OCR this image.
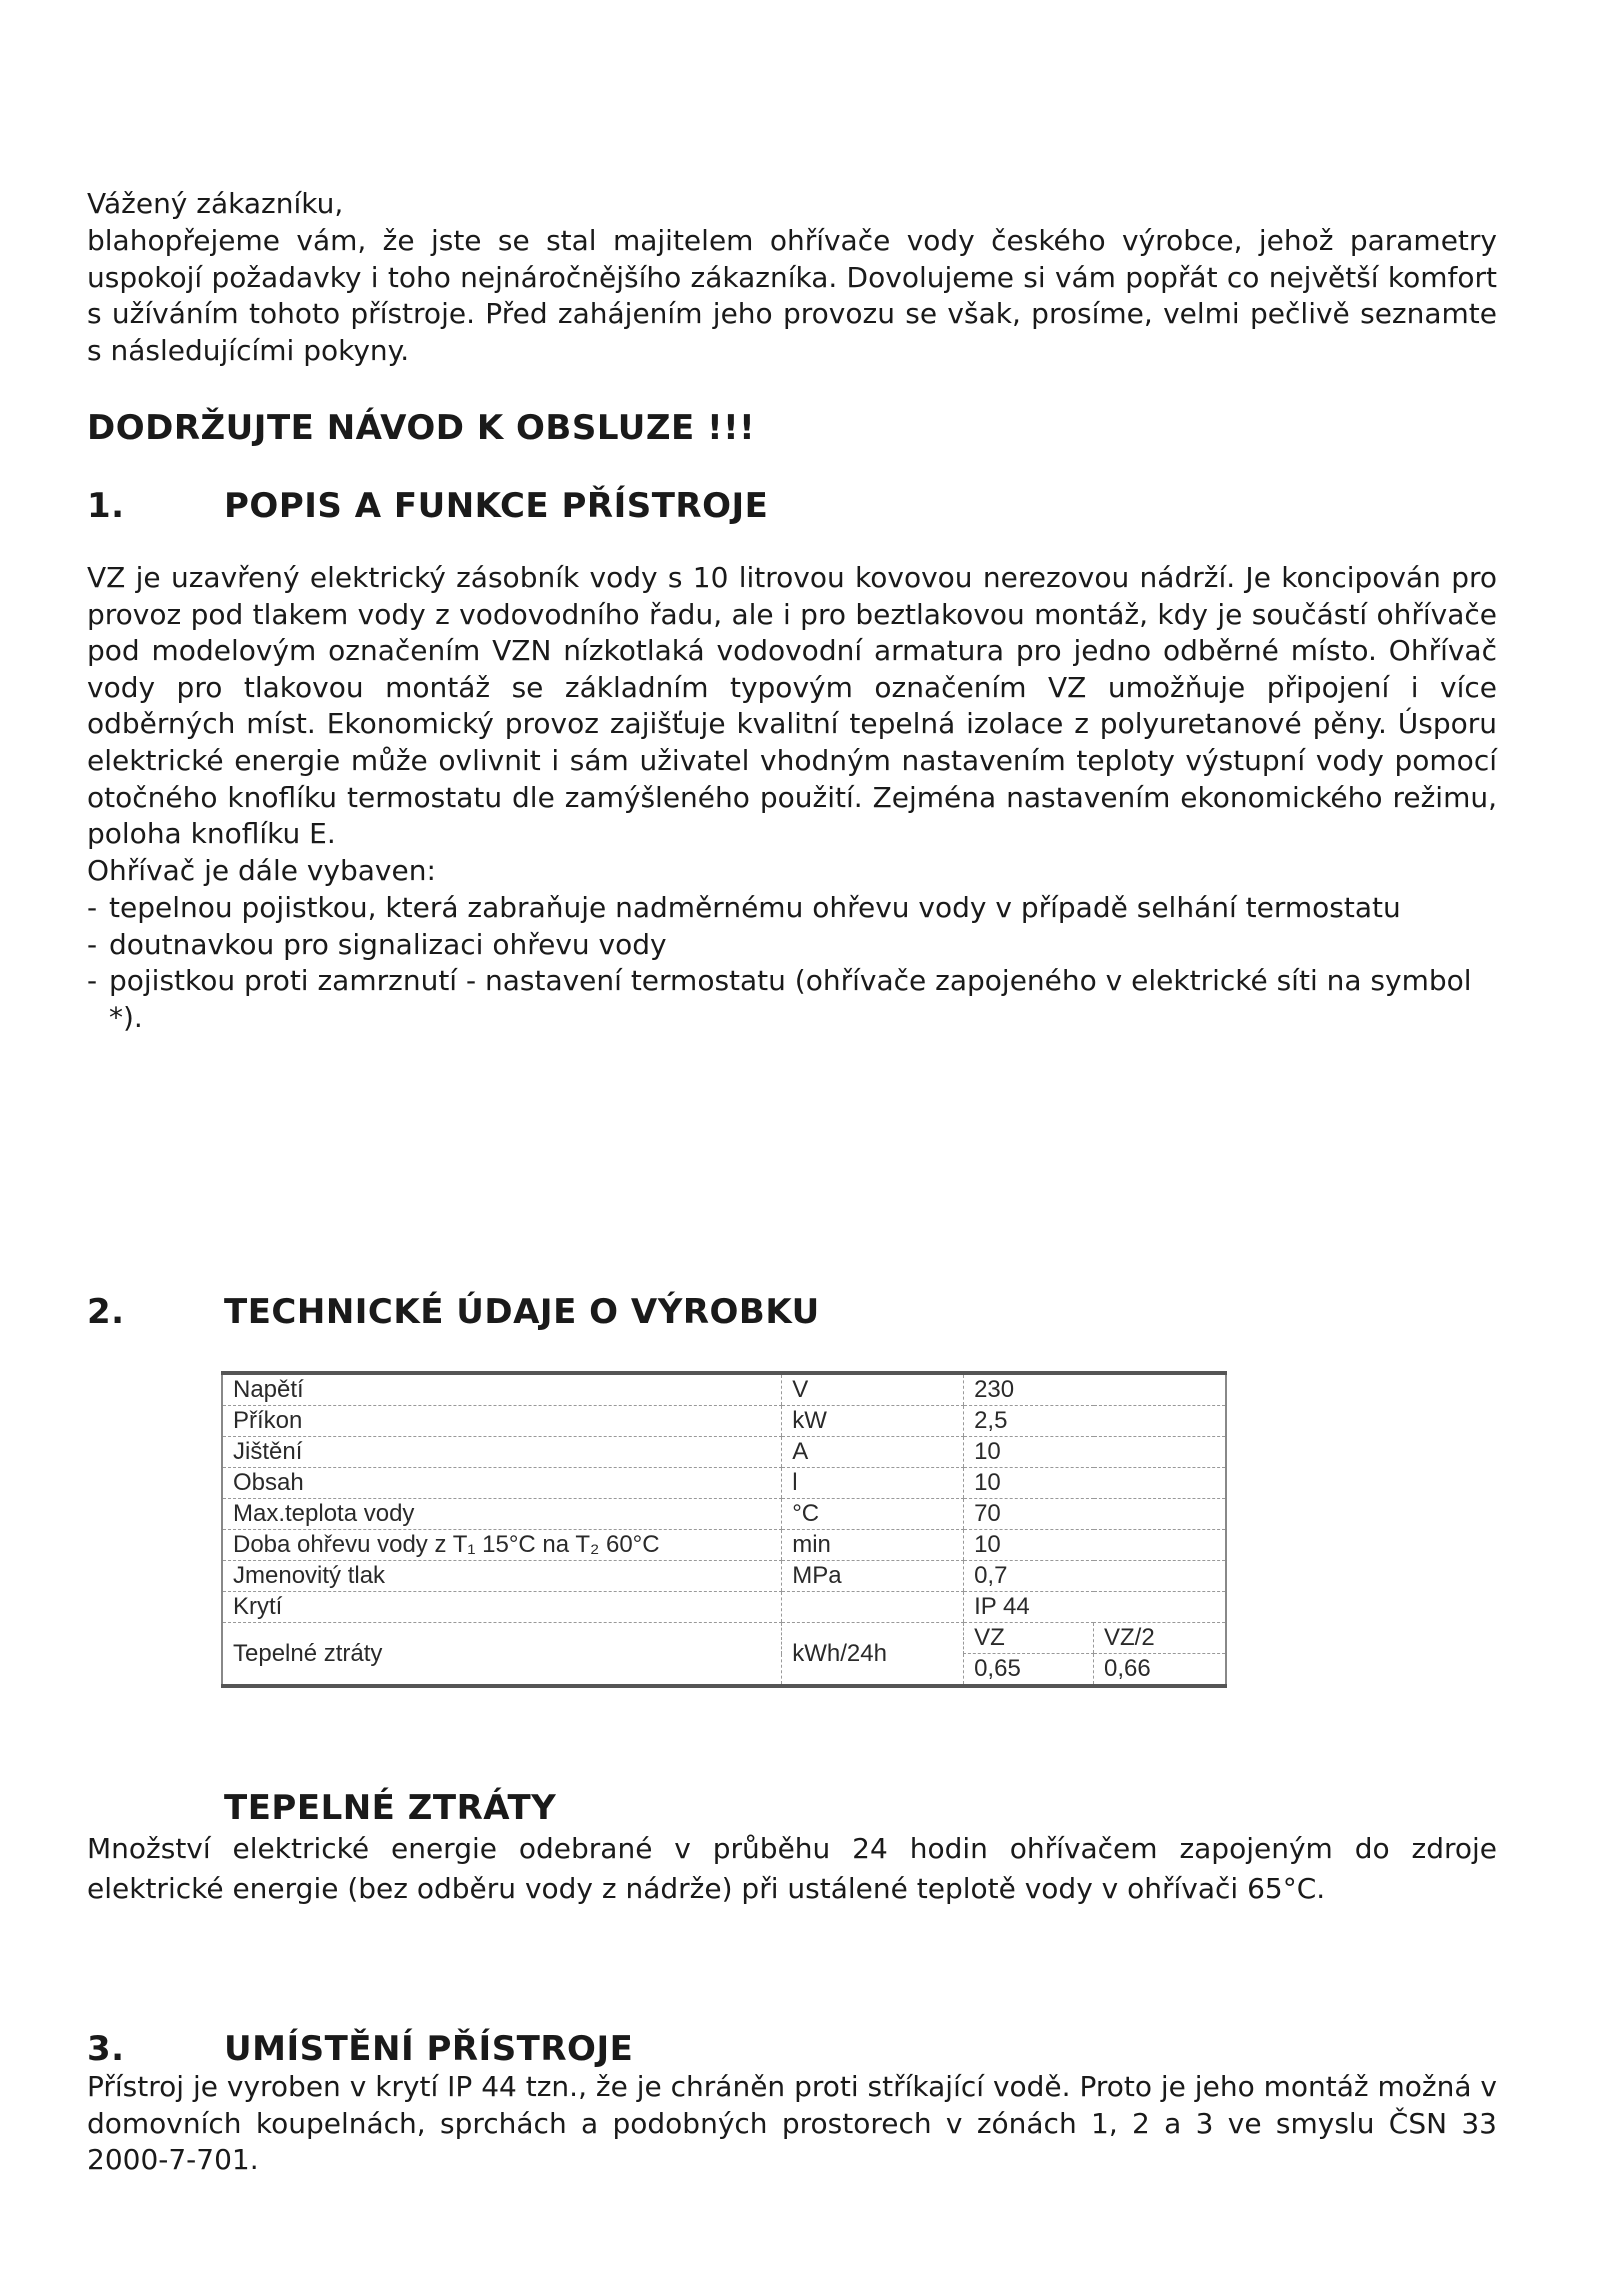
Vážený zákazníku,

blahopřejeme vám, že jste se stal majitelem ohřívače vody českého výrobce, jehož parametry uspokojí požadavky i toho nejnáročnějšího zákazníka. Dovolujeme si vám popřát co největší komfort s užíváním tohoto přístroje. Před zahájením jeho provozu se však, prosíme, velmi pečlivě seznamte s následujícími pokyny.

DODRŽUJTE NÁVOD K OBSLUZE !!!

1.	POPIS A FUNKCE PŘÍSTROJE

VZ je uzavřený elektrický zásobník vody s 10 litrovou kovovou nerezovou nádrží. Je koncipován pro provoz pod tlakem vody z vodovodního řadu, ale i pro beztlakovou montáž, kdy je součástí ohřívače pod modelovým označením VZN nízkotlaká vodovodní armatura pro jedno odběrné místo. Ohřívač vody pro tlakovou montáž se základním typovým označením VZ umožňuje připojení i více odběrných míst. Ekonomický provoz zajišťuje kvalitní tepelná izolace z polyuretanové pěny. Úsporu elektrické energie může ovlivnit i sám uživatel vhodným nastavením teploty výstupní vody pomocí otočného knoflíku termostatu dle zamýšleného použití. Zejména nastavením ekonomického režimu, poloha knoflíku E.

Ohřívač je dále vybaven:

- tepelnou pojistkou, která zabraňuje nadměrnému ohřevu vody v případě selhání termostatu
- doutnavkou pro signalizaci ohřevu vody
- pojistkou proti zamrznutí - nastavení termostatu (ohřívače zapojeného v elektrické síti na symbol *).

2.	TECHNICKÉ ÚDAJE O VÝROBKU

Napětí	V	230	
Příkon	kW	2,5	
Jištění	A	10	
Obsah	l	10	
Max.teplota vody	°C	70	
Doba ohřevu vody z T₁ 15°C na T₂ 60°C	min	10	
Jmenovitý tlak	MPa	0,7	
Krytí		IP 44	
Tepelné ztráty	kWh/24h	VZ	VZ/2
		0,65	0,66

TEPELNÉ ZTRÁTY

Množství elektrické energie odebrané v průběhu 24 hodin ohřívačem zapojeným do zdroje elektrické energie (bez odběru vody z nádrže) při ustálené teplotě vody v ohřívači 65°C.

3.	UMÍSTĚNÍ PŘÍSTROJE

Přístroj je vyroben v krytí IP 44 tzn., že je chráněn proti stříkající vodě. Proto je jeho montáž možná v domovních koupelnách, sprchách a podobných prostorech v zónách 1, 2 a 3 ve smyslu ČSN 33 2000-7-701.
